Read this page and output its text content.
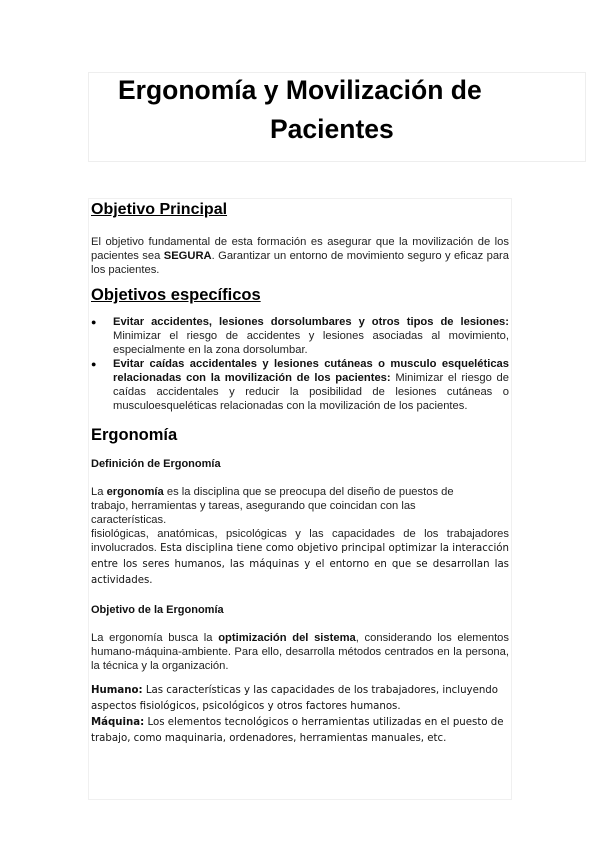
Ergonomía y Movilización de
Pacientes
Objetivo Principal
El objetivo fundamental de esta formación es asegurar que la movilización de los pacientes sea SEGURA. Garantizar un entorno de movimiento seguro y eficaz para los pacientes.
Objetivos específicos
● Evitar accidentes, lesiones dorsolumbares y otros tipos de lesiones: Minimizar el riesgo de accidentes y lesiones asociadas al movimiento, especialmente en la zona dorsolumbar.
● Evitar caídas accidentales y lesiones cutáneas o musculo esqueléticas relacionadas con la movilización de los pacientes: Minimizar el riesgo de caídas accidentales y reducir la posibilidad de lesiones cutáneas o musculoesqueléticas relacionadas con la movilización de los pacientes.
Ergonomía
Definición de Ergonomía
La ergonomía es la disciplina que se preocupa del diseño de puestos de trabajo, herramientas y tareas, asegurando que coincidan con las características.
fisiológicas, anatómicas, psicológicas y las capacidades de los trabajadores involucrados. Esta disciplina tiene como objetivo principal optimizar la interacción entre los seres humanos, las máquinas y el entorno en que se desarrollan las actividades.
Objetivo de la Ergonomía
La ergonomía busca la optimización del sistema, considerando los elementos humano-máquina-ambiente. Para ello, desarrolla métodos centrados en la persona, la técnica y la organización.
Humano: Las características y las capacidades de los trabajadores, incluyendo aspectos fisiológicos, psicológicos y otros factores humanos.
Máquina: Los elementos tecnológicos o herramientas utilizadas en el puesto de trabajo, como maquinaria, ordenadores, herramientas manuales, etc.
